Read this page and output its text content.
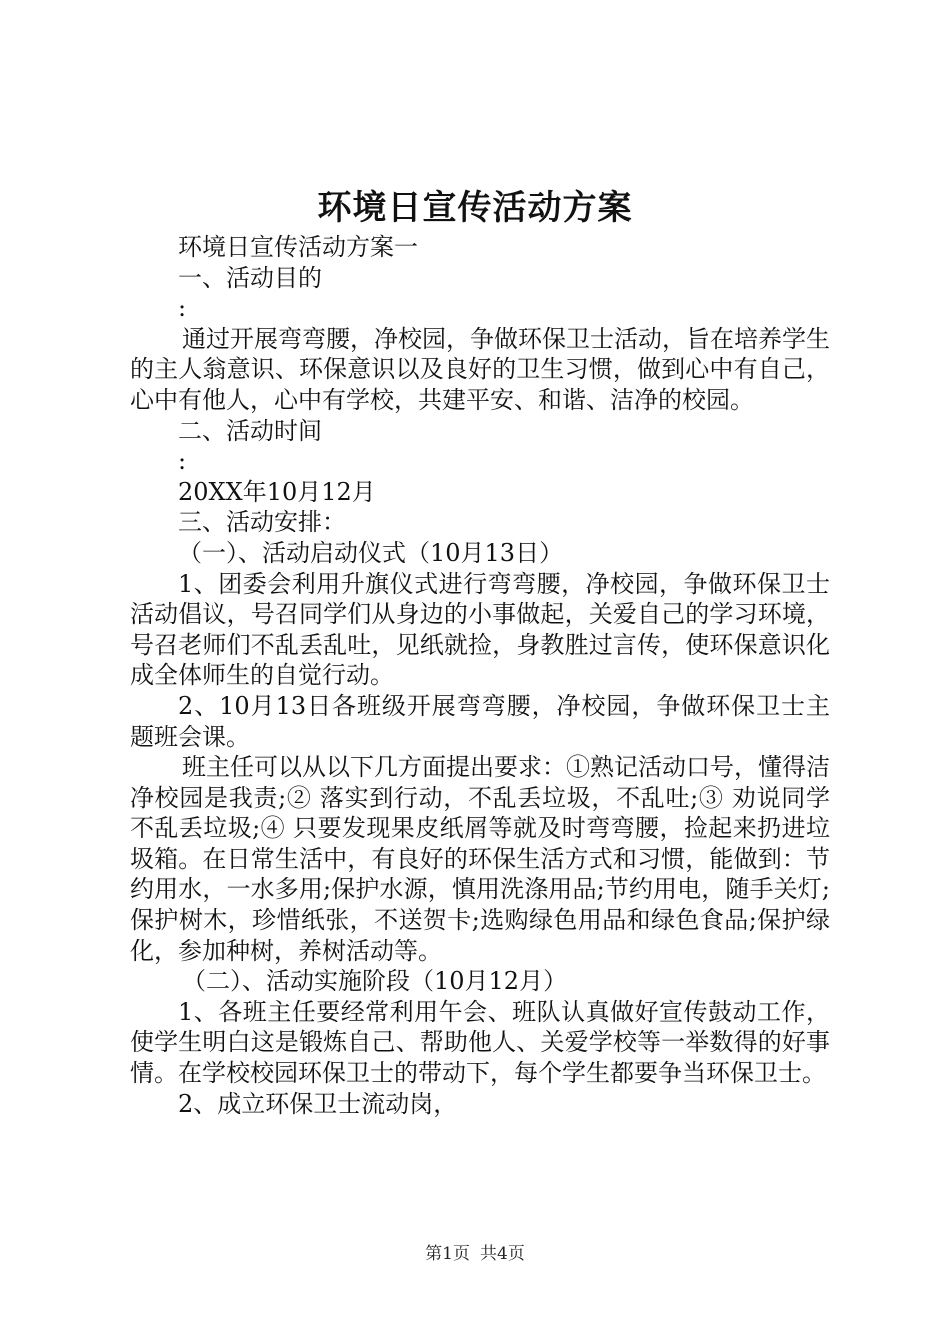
环境日宣传活动方案

环境日宣传活动方案一

一、活动目的

:

通过开展弯弯腰，净校园，争做环保卫士活动，旨在培养学生的主人翁意识、环保意识以及良好的卫生习惯，做到心中有自己，心中有他人，心中有学校，共建平安、和谐、洁净的校园。

二、活动时间

:

20XX年10月12月

三、活动安排：

（一）、活动启动仪式（10月13日）

1、团委会利用升旗仪式进行弯弯腰，净校园，争做环保卫士活动倡议，号召同学们从身边的小事做起，关爱自己的学习环境，号召老师们不乱丢乱吐，见纸就捡，身教胜过言传，使环保意识化成全体师生的自觉行动。

2、10月13日各班级开展弯弯腰，净校园，争做环保卫士主题班会课。

班主任可以从以下几方面提出要求：①熟记活动口号，懂得洁净校园是我责;② 落实到行动，不乱丢垃圾，不乱吐;③ 劝说同学不乱丢垃圾;④ 只要发现果皮纸屑等就及时弯弯腰，捡起来扔进垃圾箱。在日常生活中，有良好的环保生活方式和习惯，能做到：节约用水，一水多用;保护水源，慎用洗涤用品;节约用电，随手关灯;保护树木，珍惜纸张，不送贺卡;选购绿色用品和绿色食品;保护绿化，参加种树，养树活动等。

（二）、活动实施阶段（10月12月）

1、各班主任要经常利用午会、班队认真做好宣传鼓动工作，使学生明白这是锻炼自己、帮助他人、关爱学校等一举数得的好事情。在学校校园环保卫士的带动下，每个学生都要争当环保卫士。

2、成立环保卫士流动岗，

第1页 共4页
